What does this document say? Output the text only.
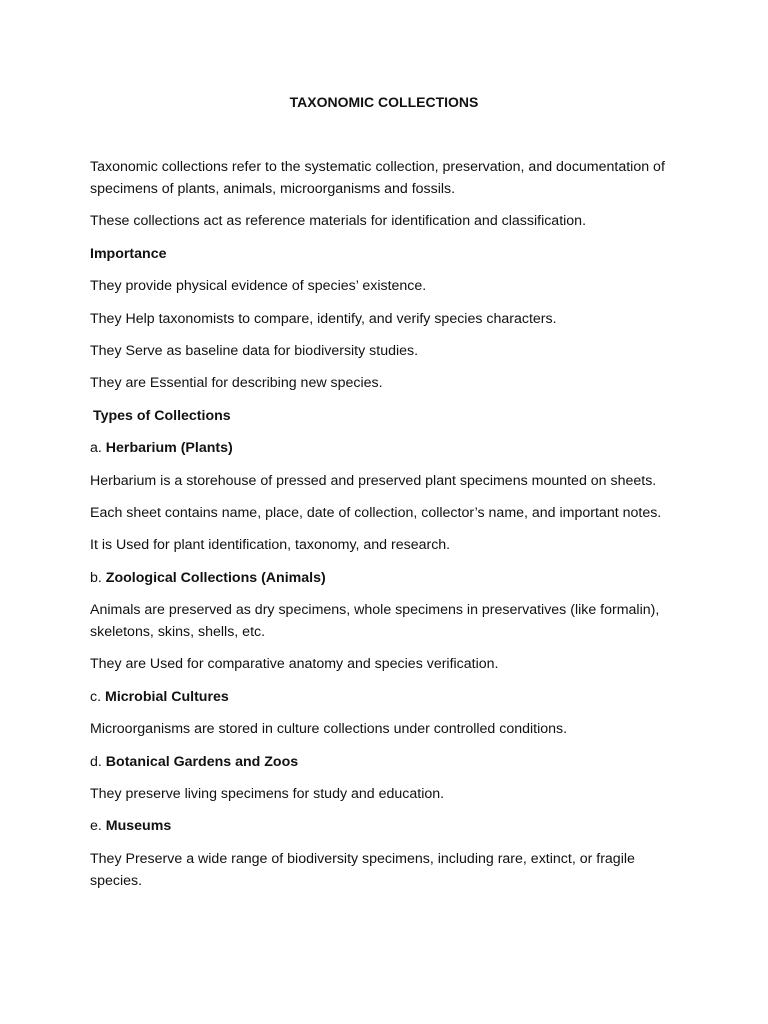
TAXONOMIC COLLECTIONS

Taxonomic collections refer to the systematic collection, preservation, and documentation of specimens of plants, animals, microorganisms and fossils.

These collections act as reference materials for identification and classification.

Importance

They provide physical evidence of species’ existence.

They Help taxonomists to compare, identify, and verify species characters.

They Serve as baseline data for biodiversity studies.

They are Essential for describing new species.

Types of Collections

a. Herbarium (Plants)

Herbarium is a storehouse of pressed and preserved plant specimens mounted on sheets.

Each sheet contains name, place, date of collection, collector’s name, and important notes.

It is Used for plant identification, taxonomy, and research.

b. Zoological Collections (Animals)

Animals are preserved as dry specimens, whole specimens in preservatives (like formalin), skeletons, skins, shells, etc.

They are Used for comparative anatomy and species verification.

c. Microbial Cultures

Microorganisms are stored in culture collections under controlled conditions.

d. Botanical Gardens and Zoos

They preserve living specimens for study and education.

e. Museums

They Preserve a wide range of biodiversity specimens, including rare, extinct, or fragile species.
